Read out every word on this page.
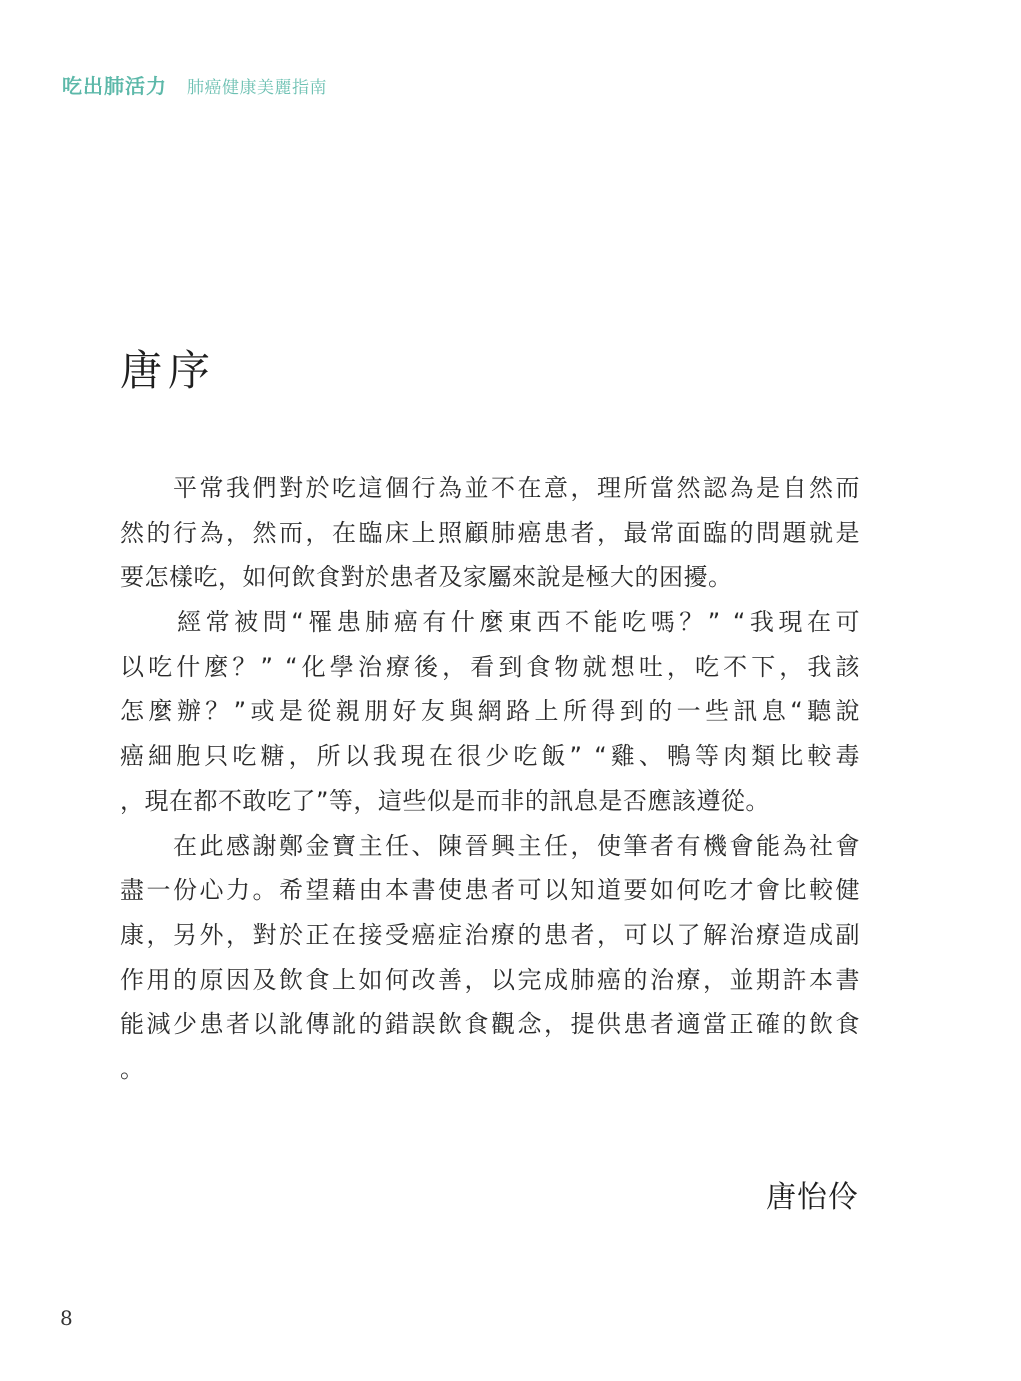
吃出肺活力 肺癌健康美麗指南
唐序
　　平常我們對於吃這個行為並不在意，理所當然認為是自然而
然的行為，然而，在臨床上照顧肺癌患者，最常面臨的問題就是
要怎樣吃，如何飲食對於患者及家屬來說是極大的困擾。
　　經常被問“罹患肺癌有什麼東西不能吃嗎？” “我現在可
以吃什麼？” “化學治療後，看到食物就想吐，吃不下，我該
怎麼辦？”或是從親朋好友與網路上所得到的一些訊息“聽說
癌細胞只吃糖，所以我現在很少吃飯” “雞、鴨等肉類比較毒
，現在都不敢吃了”等，這些似是而非的訊息是否應該遵從。
　　在此感謝鄭金寶主任、陳晉興主任，使筆者有機會能為社會
盡一份心力。希望藉由本書使患者可以知道要如何吃才會比較健
康，另外，對於正在接受癌症治療的患者，可以了解治療造成副
作用的原因及飲食上如何改善，以完成肺癌的治療，並期許本書
能減少患者以訛傳訛的錯誤飲食觀念，提供患者適當正確的飲食
。
唐怡伶
8
